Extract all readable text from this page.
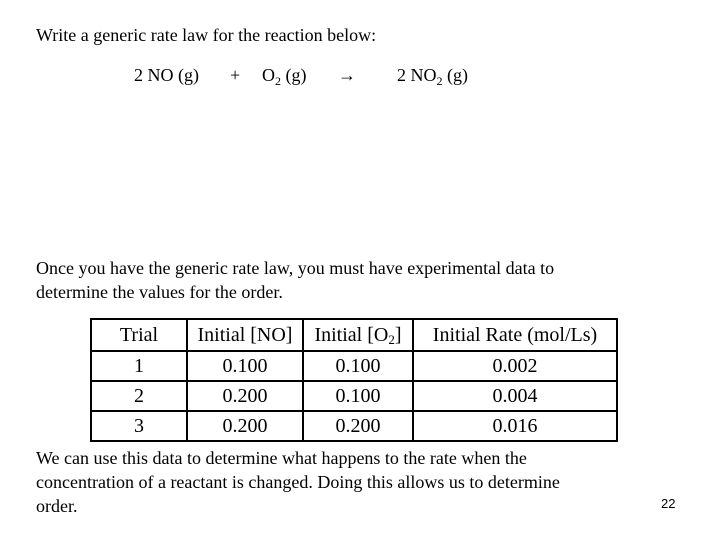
Write a generic rate law for the reaction below:
2 NO $(g) + O_2$ (g) → 2 $NO_2$ (g)
Once you have the generic rate law, you must have experimental data to
determine the values for the order.
Trial	Initial [NO]	Initial $[O_2]$	Initial Rate (mol/Ls)
1	0.100	0.100	0.002
2	0.200	0.100	0.004
3	0.200	0.200	0.016
We can use this data to determine what happens to the rate when the
concentration of a reactant is changed. Doing this allows us to determine
order.	22
